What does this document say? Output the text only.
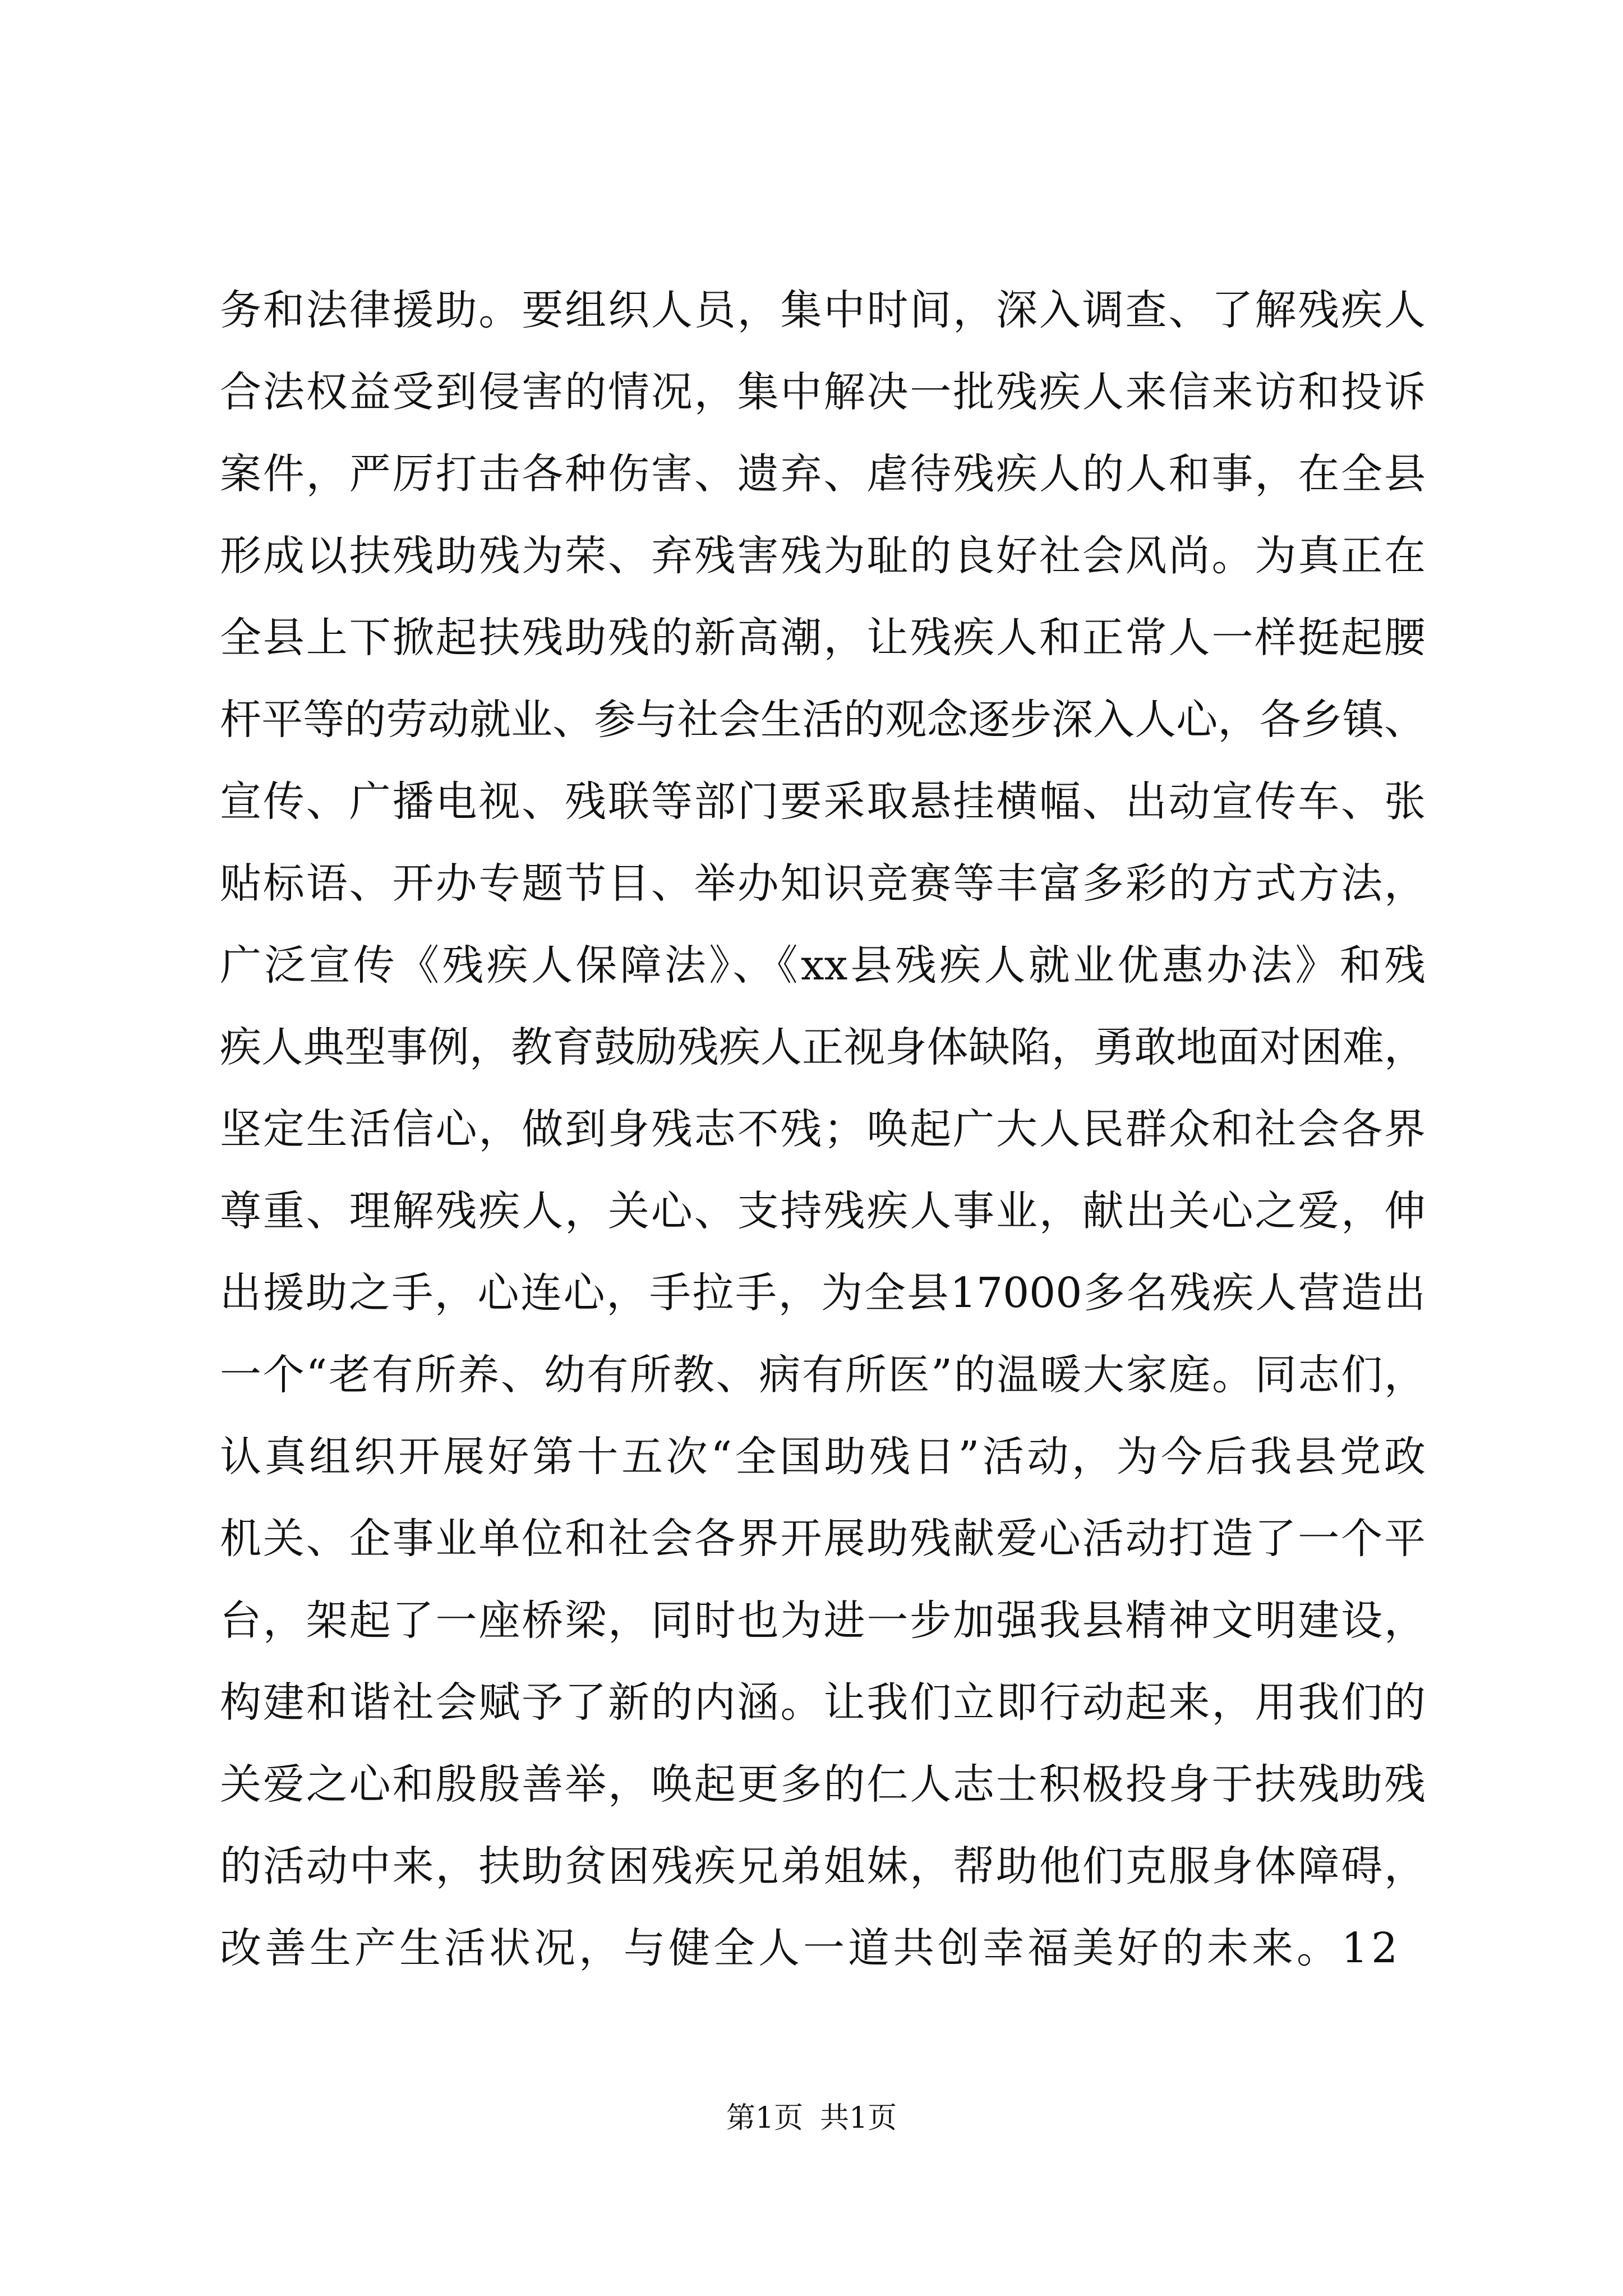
务和法律援助。要组织人员，集中时间，深入调查、了解残疾人
合法权益受到侵害的情况，集中解决一批残疾人来信来访和投诉
案件，严厉打击各种伤害、遗弃、虐待残疾人的人和事，在全县
形成以扶残助残为荣、弃残害残为耻的良好社会风尚。为真正在
全县上下掀起扶残助残的新高潮，让残疾人和正常人一样挺起腰
杆平等的劳动就业、参与社会生活的观念逐步深入人心，各乡镇、
宣传、广播电视、残联等部门要采取悬挂横幅、出动宣传车、张
贴标语、开办专题节目、举办知识竞赛等丰富多彩的方式方法，
广泛宣传《残疾人保障法》、《xx县残疾人就业优惠办法》和残
疾人典型事例，教育鼓励残疾人正视身体缺陷，勇敢地面对困难，
坚定生活信心，做到身残志不残；唤起广大人民群众和社会各界
尊重、理解残疾人，关心、支持残疾人事业，献出关心之爱，伸
出援助之手，心连心，手拉手，为全县17000多名残疾人营造出
一个“老有所养、幼有所教、病有所医”的温暖大家庭。同志们，
认真组织开展好第十五次“全国助残日”活动，为今后我县党政
机关、企事业单位和社会各界开展助残献爱心活动打造了一个平
台，架起了一座桥梁，同时也为进一步加强我县精神文明建设，
构建和谐社会赋予了新的内涵。让我们立即行动起来，用我们的
关爱之心和殷殷善举，唤起更多的仁人志士积极投身于扶残助残
的活动中来，扶助贫困残疾兄弟姐妹，帮助他们克服身体障碍，
改善生产生活状况，与健全人一道共创幸福美好的未来。12
第1页 共1页
